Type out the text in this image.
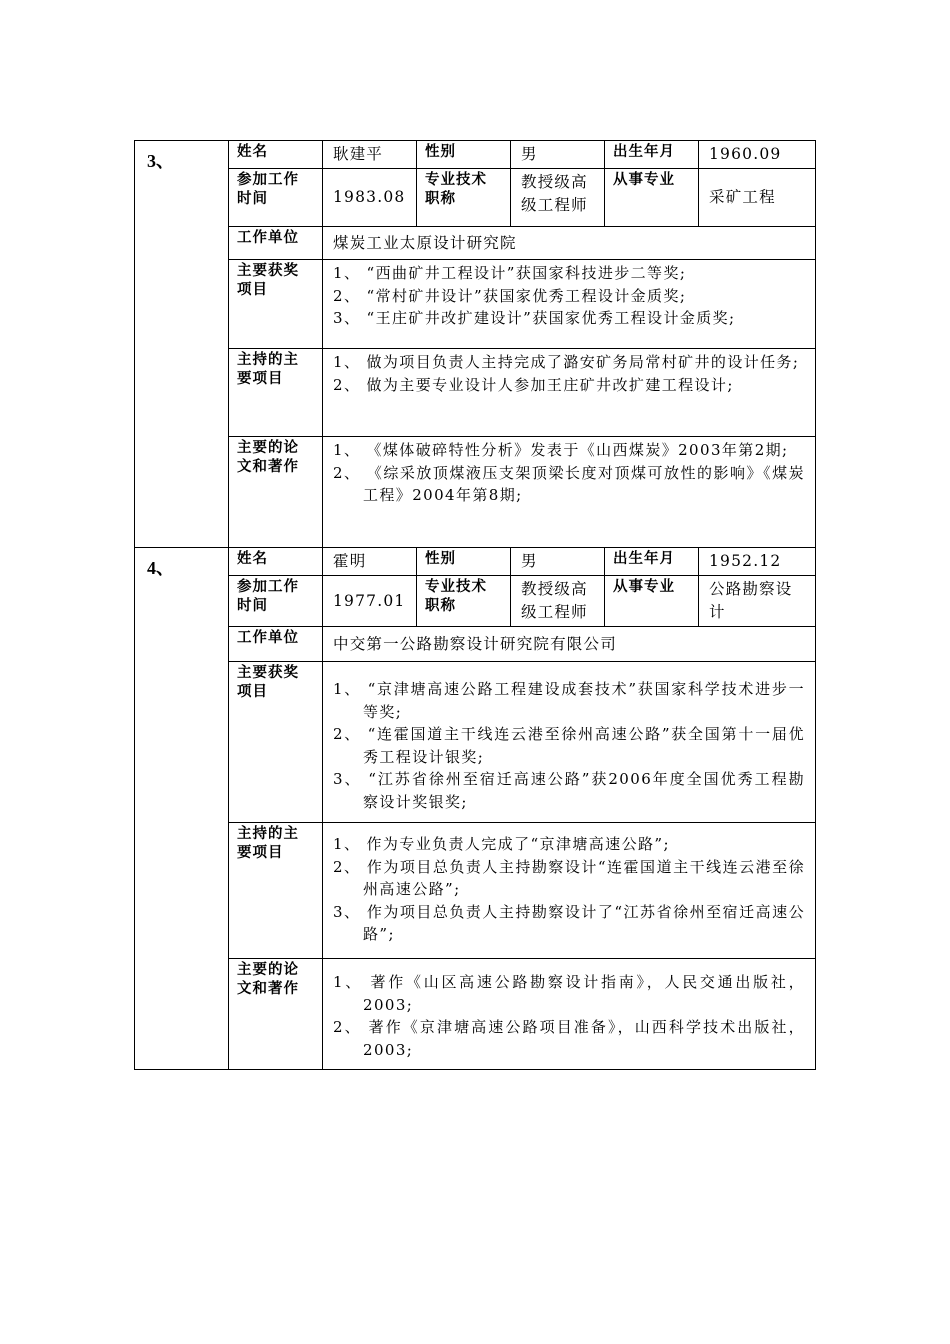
3、	姓名	耿建平	性别	男	出生年月	1960.09
	参加工作时间	1983.08	专业技术职称	教授级高级工程师	从事专业	采矿工程
	工作单位	煤炭工业太原设计研究院				
	主要获奖项目	1、 “西曲矿井工程设计”获国家科技进步二等奖;
2、 “常村矿井设计”获国家优秀工程设计金质奖;
3、 “王庄矿井改扩建设计”获国家优秀工程设计金质奖;				

	主持的主要项目	1、 做为项目负责人主持完成了潞安矿务局常村矿井的设计任务;
2、 做为主要专业设计人参加王庄矿井改扩建工程设计;				

	主要的论文和著作	1、 《煤体破碎特性分析》发表于《山西煤炭》2003年第2期;
2、 《综采放顶煤液压支架顶梁长度对顶煤可放性的影响》《煤炭工程》2004年第8期;				

4、	姓名	霍明	性别	男	出生年月	1952.12
	参加工作时间	1977.01	专业技术职称	教授级高级工程师	从事专业	公路勘察设计
	工作单位	中交第一公路勘察设计研究院有限公司				
	主要获奖项目	1、 “京津塘高速公路工程建设成套技术”获国家科学技术进步一等奖;
2、 “连霍国道主干线连云港至徐州高速公路”获全国第十一届优秀工程设计银奖;
3、 “江苏省徐州至宿迁高速公路”获2006年度全国优秀工程勘察设计奖银奖;				

	主持的主要项目	1、 作为专业负责人完成了“京津塘高速公路”;
2、 作为项目总负责人主持勘察设计“连霍国道主干线连云港至徐州高速公路”;
3、 作为项目总负责人主持勘察设计了“江苏省徐州至宿迁高速公路”;				

	主要的论文和著作	1、 著作《山区高速公路勘察设计指南》，人民交通出版社，2003;
2、 著作《京津塘高速公路项目准备》，山西科学技术出版社，2003;				
